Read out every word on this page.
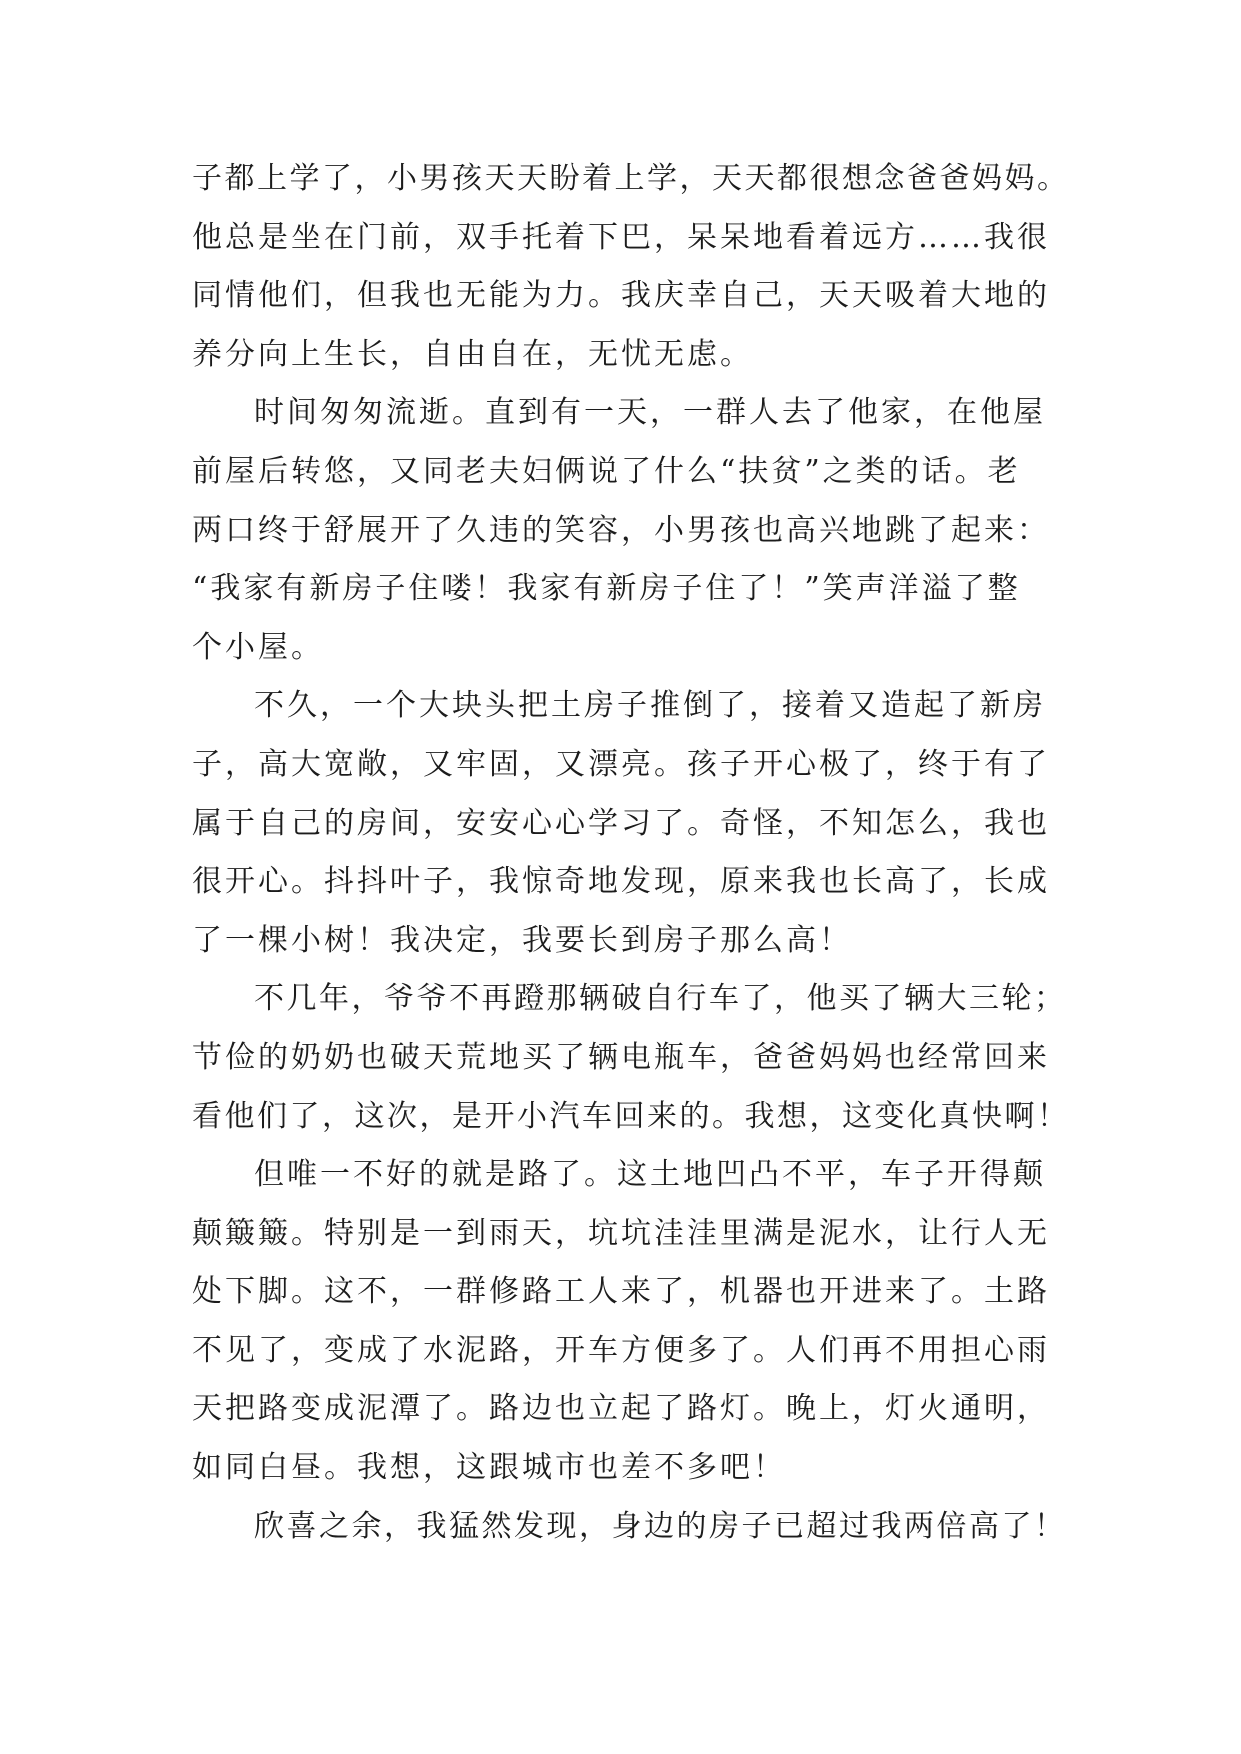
子都上学了，小男孩天天盼着上学，天天都很想念爸爸妈妈。
他总是坐在门前，双手托着下巴，呆呆地看着远方……我很
同情他们，但我也无能为力。我庆幸自己，天天吸着大地的
养分向上生长，自由自在，无忧无虑。
时间匆匆流逝。直到有一天，一群人去了他家，在他屋
前屋后转悠，又同老夫妇俩说了什么“扶贫”之类的话。老
两口终于舒展开了久违的笑容，小男孩也高兴地跳了起来：
“我家有新房子住喽！我家有新房子住了！”笑声洋溢了整
个小屋。
不久，一个大块头把土房子推倒了，接着又造起了新房
子，高大宽敞，又牢固，又漂亮。孩子开心极了，终于有了
属于自己的房间，安安心心学习了。奇怪，不知怎么，我也
很开心。抖抖叶子，我惊奇地发现，原来我也长高了，长成
了一棵小树！我决定，我要长到房子那么高！
不几年，爷爷不再蹬那辆破自行车了，他买了辆大三轮；
节俭的奶奶也破天荒地买了辆电瓶车，爸爸妈妈也经常回来
看他们了，这次，是开小汽车回来的。我想，这变化真快啊！
但唯一不好的就是路了。这土地凹凸不平，车子开得颠
颠簸簸。特别是一到雨天，坑坑洼洼里满是泥水，让行人无
处下脚。这不，一群修路工人来了，机器也开进来了。土路
不见了，变成了水泥路，开车方便多了。人们再不用担心雨
天把路变成泥潭了。路边也立起了路灯。晚上，灯火通明，
如同白昼。我想，这跟城市也差不多吧！
欣喜之余，我猛然发现，身边的房子已超过我两倍高了！
